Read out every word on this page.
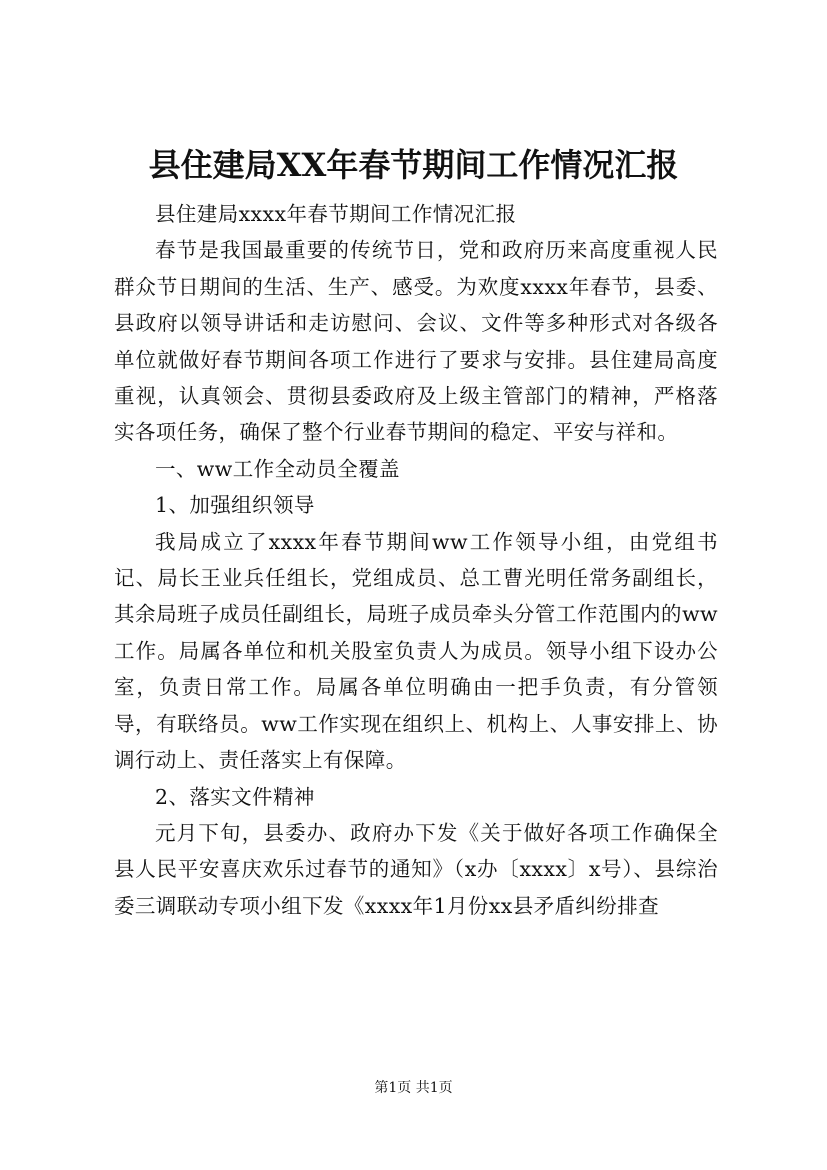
县住建局XX年春节期间工作情况汇报

县住建局xxxx年春节期间工作情况汇报

春节是我国最重要的传统节日，党和政府历来高度重视人民群众节日期间的生活、生产、感受。为欢度xxxx年春节，县委、县政府以领导讲话和走访慰问、会议、文件等多种形式对各级各单位就做好春节期间各项工作进行了要求与安排。县住建局高度重视，认真领会、贯彻县委政府及上级主管部门的精神，严格落实各项任务，确保了整个行业春节期间的稳定、平安与祥和。

一、ww工作全动员全覆盖

1、加强组织领导

我局成立了xxxx年春节期间ww工作领导小组，由党组书记、局长王业兵任组长，党组成员、总工曹光明任常务副组长，其余局班子成员任副组长，局班子成员牵头分管工作范围内的ww工作。局属各单位和机关股室负责人为成员。领导小组下设办公室，负责日常工作。局属各单位明确由一把手负责，有分管领导，有联络员。ww工作实现在组织上、机构上、人事安排上、协调行动上、责任落实上有保障。

2、落实文件精神

元月下旬，县委办、政府办下发《关于做好各项工作确保全县人民平安喜庆欢乐过春节的通知》（x办〔xxxx〕x号）、县综治委三调联动专项小组下发《xxxx年1月份xx县矛盾纠纷排查

第1页 共1页
